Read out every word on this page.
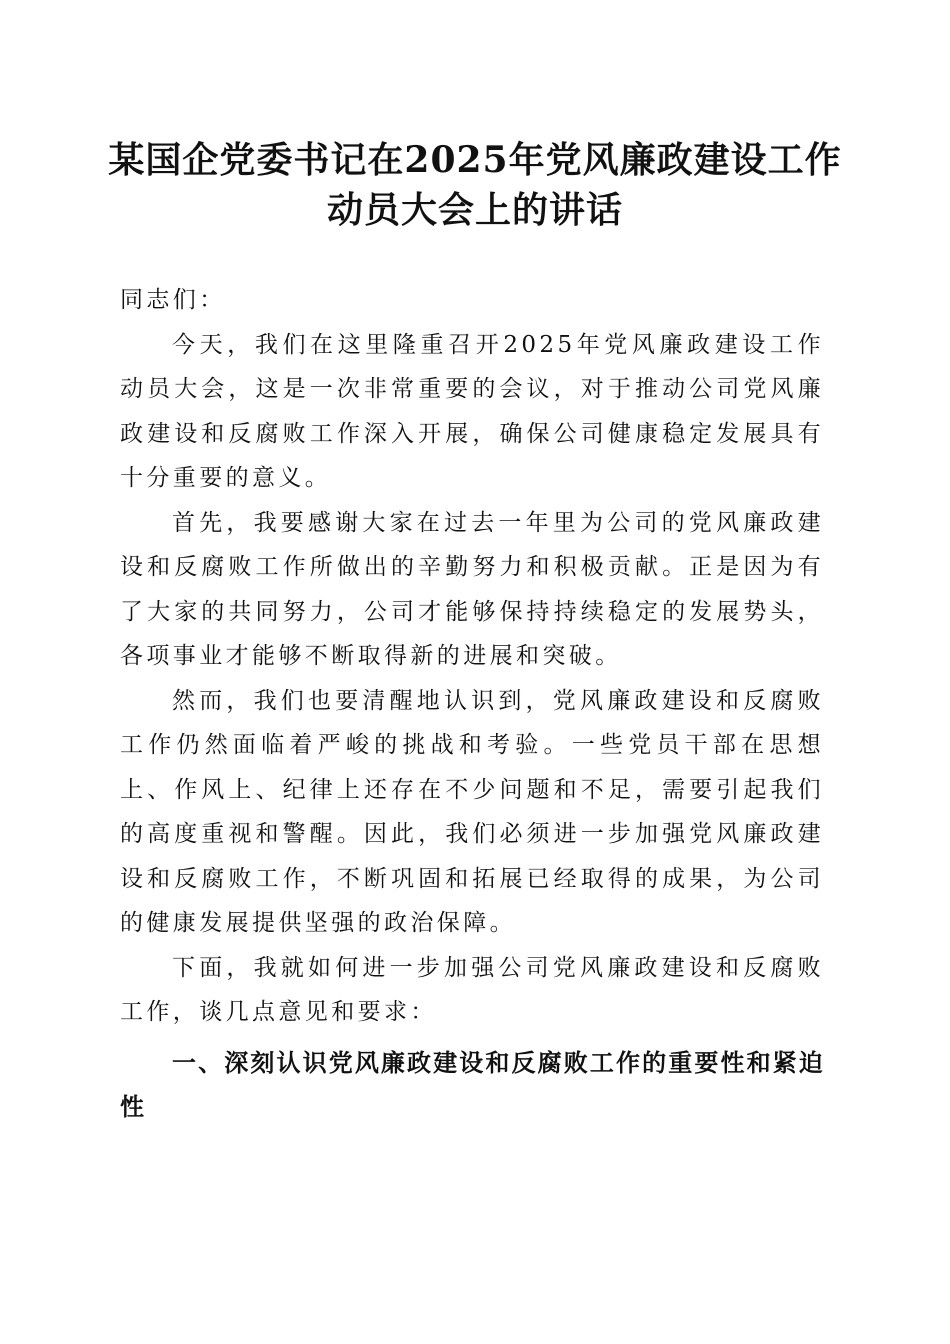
某国企党委书记在2025年党风廉政建设工作
动员大会上的讲话

同志们：

今天，我们在这里隆重召开2025年党风廉政建设工作动员大会，这是一次非常重要的会议，对于推动公司党风廉政建设和反腐败工作深入开展，确保公司健康稳定发展具有十分重要的意义。

首先，我要感谢大家在过去一年里为公司的党风廉政建设和反腐败工作所做出的辛勤努力和积极贡献。正是因为有了大家的共同努力，公司才能够保持持续稳定的发展势头，各项事业才能够不断取得新的进展和突破。

然而，我们也要清醒地认识到，党风廉政建设和反腐败工作仍然面临着严峻的挑战和考验。一些党员干部在思想上、作风上、纪律上还存在不少问题和不足，需要引起我们的高度重视和警醒。因此，我们必须进一步加强党风廉政建设和反腐败工作，不断巩固和拓展已经取得的成果，为公司的健康发展提供坚强的政治保障。

下面，我就如何进一步加强公司党风廉政建设和反腐败工作，谈几点意见和要求：

一、深刻认识党风廉政建设和反腐败工作的重要性和紧迫性
